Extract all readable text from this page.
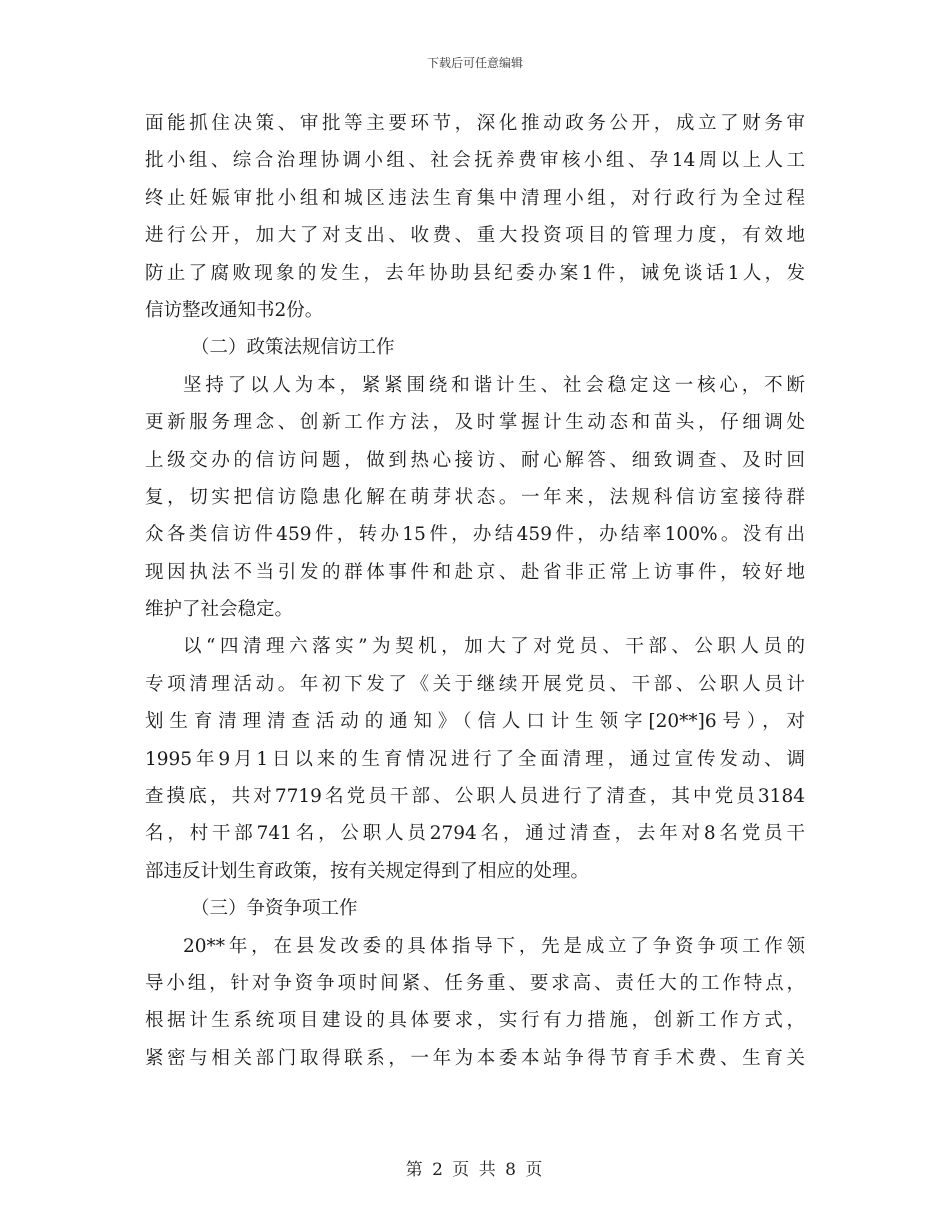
下载后可任意编辑
面能抓住决策、审批等主要环节，深化推动政务公开，成立了财务审
批小组、综合治理协调小组、社会抚养费审核小组、孕14周以上人工
终止妊娠审批小组和城区违法生育集中清理小组，对行政行为全过程
进行公开，加大了对支出、收费、重大投资项目的管理力度，有效地
防止了腐败现象的发生，去年协助县纪委办案1件，诫免谈话1人，发
信访整改通知书2份。
（二）政策法规信访工作
坚持了以人为本，紧紧围绕和谐计生、社会稳定这一核心，不断
更新服务理念、创新工作方法，及时掌握计生动态和苗头，仔细调处
上级交办的信访问题，做到热心接访、耐心解答、细致调查、及时回
复，切实把信访隐患化解在萌芽状态。一年来，法规科信访室接待群
众各类信访件459件，转办15件，办结459件，办结率100%。没有出
现因执法不当引发的群体事件和赴京、赴省非正常上访事件，较好地
维护了社会稳定。
以“四清理六落实”为契机，加大了对党员、干部、公职人员的
专项清理活动。年初下发了《关于继续开展党员、干部、公职人员计
划生育清理清查活动的通知》（信人口计生领字[20**]6号），对
1995年9月1日以来的生育情况进行了全面清理，通过宣传发动、调
查摸底，共对7719名党员干部、公职人员进行了清查，其中党员3184
名，村干部741名，公职人员2794名，通过清查，去年对8名党员干
部违反计划生育政策，按有关规定得到了相应的处理。
（三）争资争项工作
20**年，在县发改委的具体指导下，先是成立了争资争项工作领
导小组，针对争资争项时间紧、任务重、要求高、责任大的工作特点，
根据计生系统项目建设的具体要求，实行有力措施，创新工作方式，
紧密与相关部门取得联系，一年为本委本站争得节育手术费、生育关
第 2 页 共 8 页
